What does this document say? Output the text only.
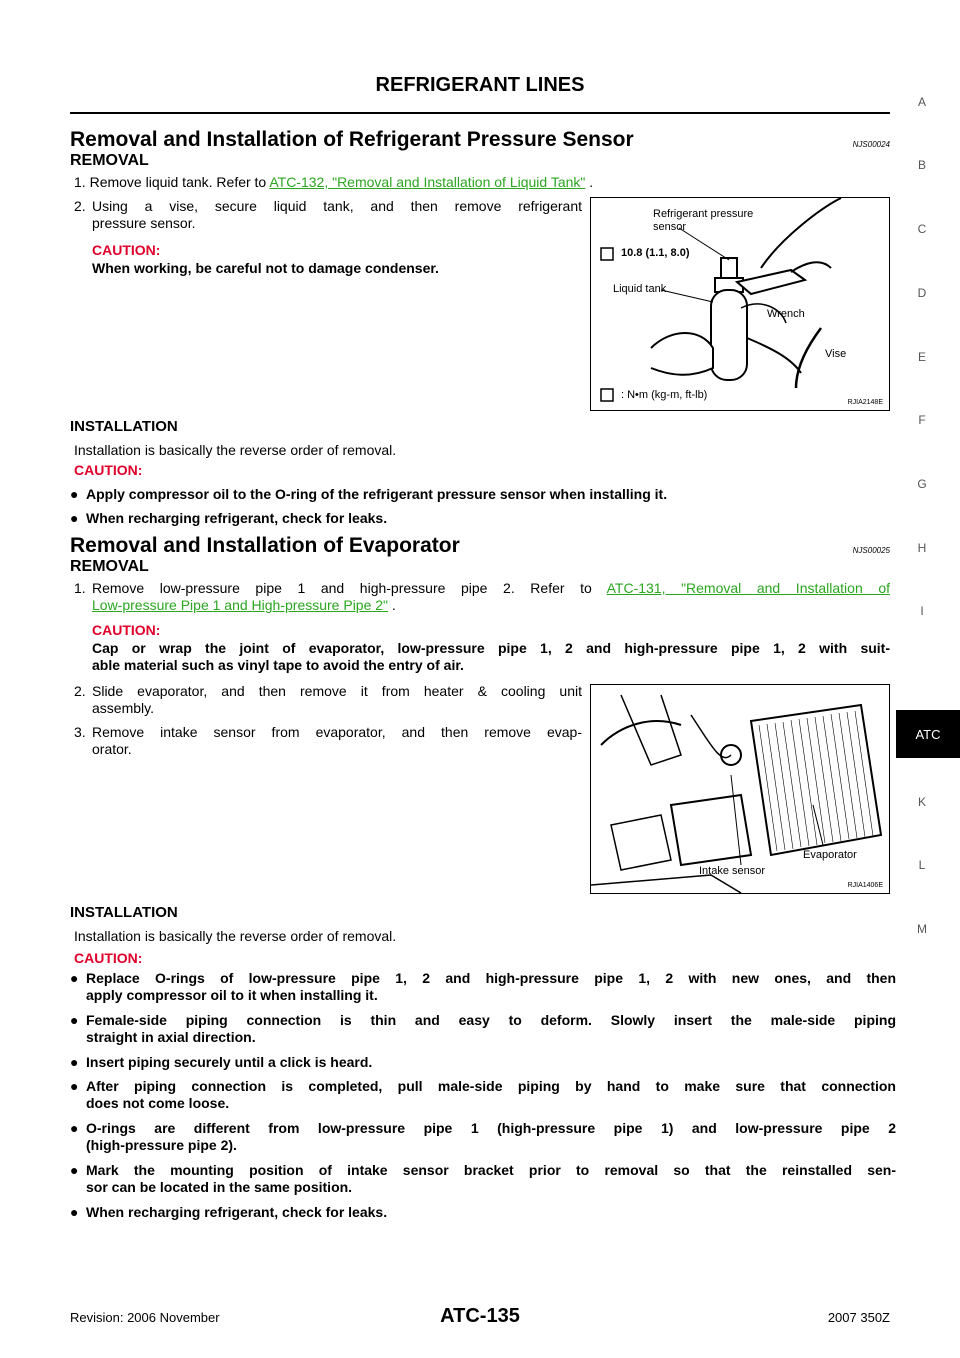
REFRIGERANT LINES
Removal and Installation of Refrigerant Pressure Sensor	NJS00024
REMOVAL
1. Remove liquid tank. Refer to ATC-132, "Removal and Installation of Liquid Tank" .
2. Using a vise, secure liquid tank, and then remove refrigerant
pressure sensor.
CAUTION:
When working, be careful not to damage condenser.
Refrigerant pressure
sensor
10.8 (1.1, 8.0)
Liquid tank
Wrench
Vise
: N•m (kg-m, ft-lb)
RJIA2148E
INSTALLATION
Installation is basically the reverse order of removal.
CAUTION:
● Apply compressor oil to the O-ring of the refrigerant pressure sensor when installing it.
● When recharging refrigerant, check for leaks.
Removal and Installation of Evaporator	NJS00025
REMOVAL
1. Remove low-pressure pipe 1 and high-pressure pipe 2. Refer to ATC-131, "Removal and Installation of
Low-pressure Pipe 1 and High-pressure Pipe 2" .
CAUTION:
Cap or wrap the joint of evaporator, low-pressure pipe 1, 2 and high-pressure pipe 1, 2 with suit-
able material such as vinyl tape to avoid the entry of air.
2. Slide evaporator, and then remove it from heater & cooling unit
assembly.
3. Remove intake sensor from evaporator, and then remove evap-
orator.
Evaporator
Intake sensor
RJIA1406E
INSTALLATION
Installation is basically the reverse order of removal.
CAUTION:
● Replace O-rings of low-pressure pipe 1, 2 and high-pressure pipe 1, 2 with new ones, and then
apply compressor oil to it when installing it.
● Female-side piping connection is thin and easy to deform. Slowly insert the male-side piping
straight in axial direction.
● Insert piping securely until a click is heard.
● After piping connection is completed, pull male-side piping by hand to make sure that connection
does not come loose.
● O-rings are different from low-pressure pipe 1 (high-pressure pipe 1) and low-pressure pipe 2
(high-pressure pipe 2).
● Mark the mounting position of intake sensor bracket prior to removal so that the reinstalled sen-
sor can be located in the same position.
● When recharging refrigerant, check for leaks.
A
B
C
D
E
F
G
H
I
ATC
K
L
M
Revision: 2006 November	ATC-135	2007 350Z
